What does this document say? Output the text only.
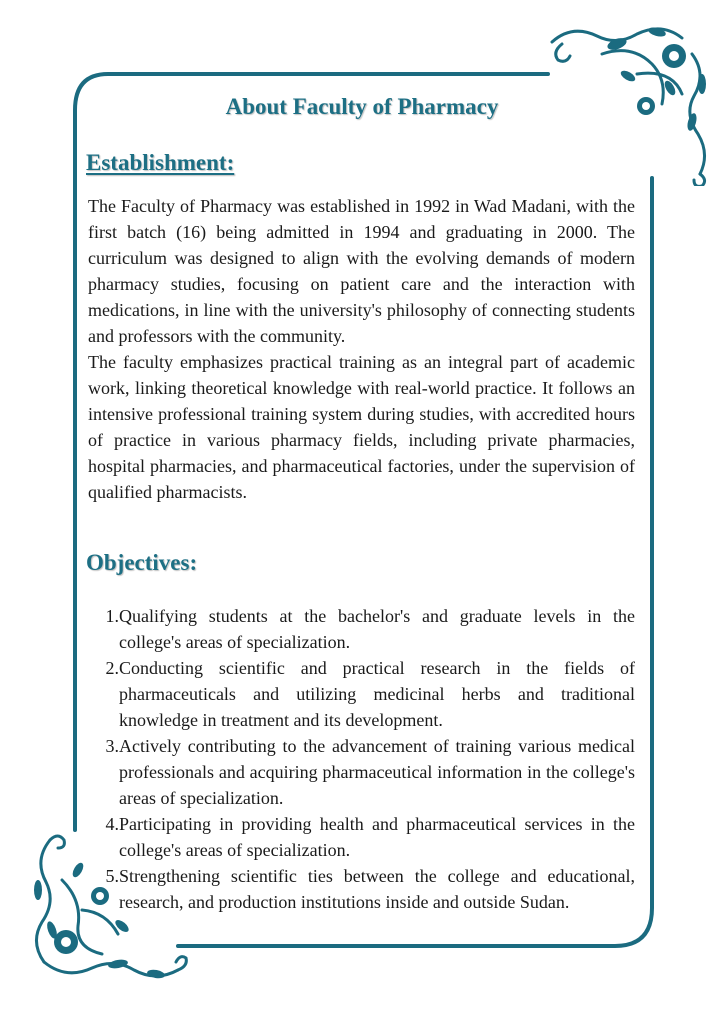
About Faculty of Pharmacy
Establishment:

The Faculty of Pharmacy was established in 1992 in Wad Madani, with the first batch (16) being admitted in 1994 and graduating in 2000. The curriculum was designed to align with the evolving demands of modern pharmacy studies, focusing on patient care and the interaction with medications, in line with the university's philosophy of connecting students and professors with the community.

The faculty emphasizes practical training as an integral part of academic work, linking theoretical knowledge with real-world practice. It follows an intensive professional training system during studies, with accredited hours of practice in various pharmacy fields, including private pharmacies, hospital pharmacies, and pharmaceutical factories, under the supervision of qualified pharmacists.

Objectives:
1. Qualifying students at the bachelor's and graduate levels in the college's areas of specialization.
2. Conducting scientific and practical research in the fields of pharmaceuticals and utilizing medicinal herbs and traditional knowledge in treatment and its development.
3. Actively contributing to the advancement of training various medical professionals and acquiring pharmaceutical information in the college's areas of specialization.
4. Participating in providing health and pharmaceutical services in the college's areas of specialization.
5. Strengthening scientific ties between the college and educational, research, and production institutions inside and outside Sudan.
